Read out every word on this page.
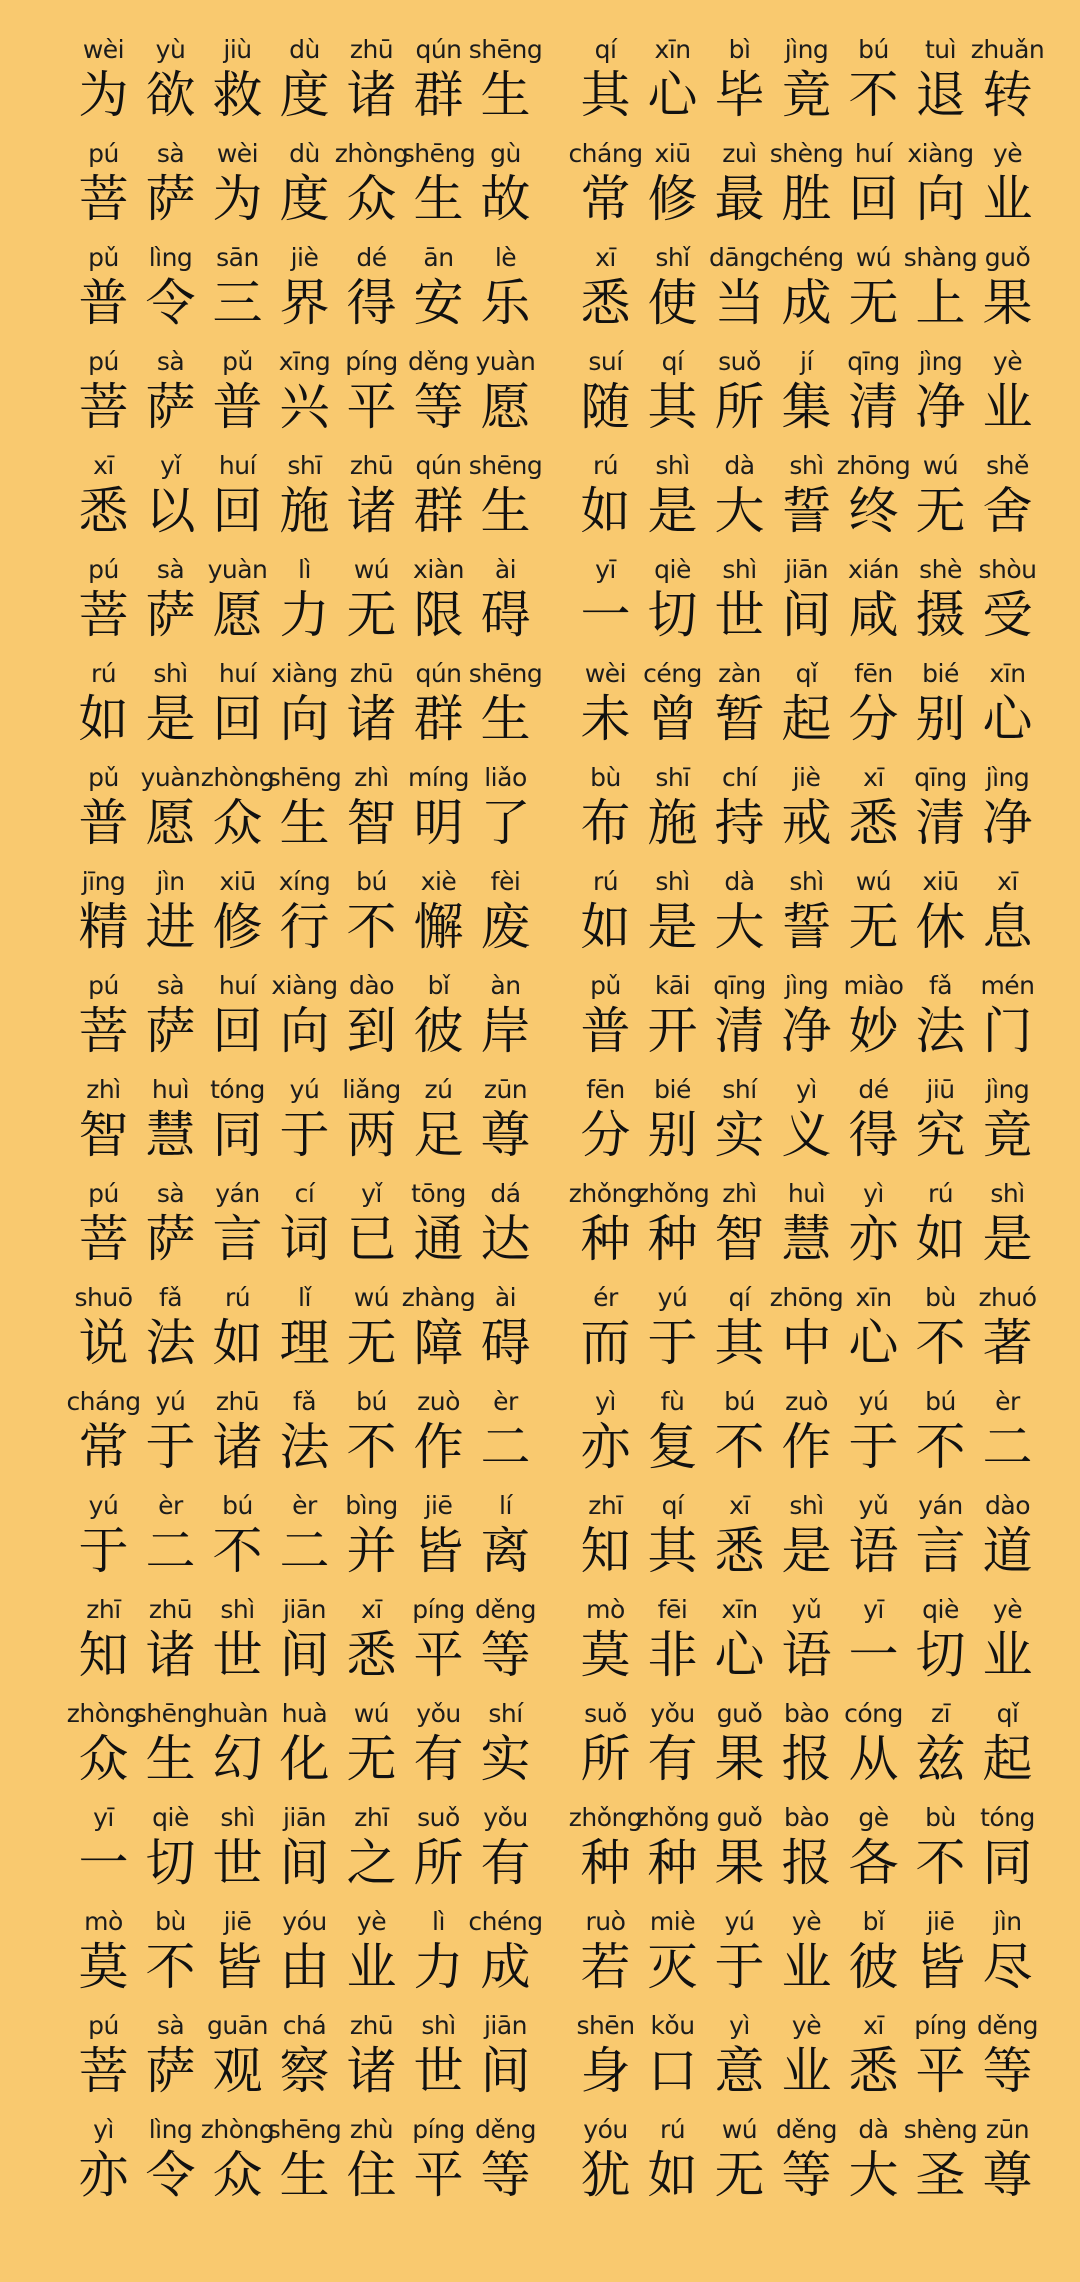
wèi
为
yù
欲
jiù
救
dù
度
zhū
诸
qún
群
shēng
生
qí
其
xīn
心
bì
毕
jìng
竟
bú
不
tuì
退
zhuǎn
转
pú
菩
sà
萨
wèi
为
dù
度
zhòng
众
shēng
生
gù
故
cháng
常
xiū
修
zuì
最
shèng
胜
huí
回
xiàng
向
yè
业
pǔ
普
lìng
令
sān
三
jiè
界
dé
得
ān
安
lè
乐
xī
悉
shǐ
使
dāng
当
chéng
成
wú
无
shàng
上
guǒ
果
pú
菩
sà
萨
pǔ
普
xīng
兴
píng
平
děng
等
yuàn
愿
suí
随
qí
其
suǒ
所
jí
集
qīng
清
jìng
净
yè
业
xī
悉
yǐ
以
huí
回
shī
施
zhū
诸
qún
群
shēng
生
rú
如
shì
是
dà
大
shì
誓
zhōng
终
wú
无
shě
舍
pú
菩
sà
萨
yuàn
愿
lì
力
wú
无
xiàn
限
ài
碍
yī
一
qiè
切
shì
世
jiān
间
xián
咸
shè
摄
shòu
受
rú
如
shì
是
huí
回
xiàng
向
zhū
诸
qún
群
shēng
生
wèi
未
céng
曾
zàn
暂
qǐ
起
fēn
分
bié
别
xīn
心
pǔ
普
yuàn
愿
zhòng
众
shēng
生
zhì
智
míng
明
liǎo
了
bù
布
shī
施
chí
持
jiè
戒
xī
悉
qīng
清
jìng
净
jīng
精
jìn
进
xiū
修
xíng
行
bú
不
xiè
懈
fèi
废
rú
如
shì
是
dà
大
shì
誓
wú
无
xiū
休
xī
息
pú
菩
sà
萨
huí
回
xiàng
向
dào
到
bǐ
彼
àn
岸
pǔ
普
kāi
开
qīng
清
jìng
净
miào
妙
fǎ
法
mén
门
zhì
智
huì
慧
tóng
同
yú
于
liǎng
两
zú
足
zūn
尊
fēn
分
bié
别
shí
实
yì
义
dé
得
jiū
究
jìng
竟
pú
菩
sà
萨
yán
言
cí
词
yǐ
已
tōng
通
dá
达
zhǒng
种
zhǒng
种
zhì
智
huì
慧
yì
亦
rú
如
shì
是
shuō
说
fǎ
法
rú
如
lǐ
理
wú
无
zhàng
障
ài
碍
ér
而
yú
于
qí
其
zhōng
中
xīn
心
bù
不
zhuó
著
cháng
常
yú
于
zhū
诸
fǎ
法
bú
不
zuò
作
èr
二
yì
亦
fù
复
bú
不
zuò
作
yú
于
bú
不
èr
二
yú
于
èr
二
bú
不
èr
二
bìng
并
jiē
皆
lí
离
zhī
知
qí
其
xī
悉
shì
是
yǔ
语
yán
言
dào
道
zhī
知
zhū
诸
shì
世
jiān
间
xī
悉
píng
平
děng
等
mò
莫
fēi
非
xīn
心
yǔ
语
yī
一
qiè
切
yè
业
zhòng
众
shēng
生
huàn
幻
huà
化
wú
无
yǒu
有
shí
实
suǒ
所
yǒu
有
guǒ
果
bào
报
cóng
从
zī
兹
qǐ
起
yī
一
qiè
切
shì
世
jiān
间
zhī
之
suǒ
所
yǒu
有
zhǒng
种
zhǒng
种
guǒ
果
bào
报
gè
各
bù
不
tóng
同
mò
莫
bù
不
jiē
皆
yóu
由
yè
业
lì
力
chéng
成
ruò
若
miè
灭
yú
于
yè
业
bǐ
彼
jiē
皆
jìn
尽
pú
菩
sà
萨
guān
观
chá
察
zhū
诸
shì
世
jiān
间
shēn
身
kǒu
口
yì
意
yè
业
xī
悉
píng
平
děng
等
yì
亦
lìng
令
zhòng
众
shēng
生
zhù
住
píng
平
děng
等
yóu
犹
rú
如
wú
无
děng
等
dà
大
shèng
圣
zūn
尊
